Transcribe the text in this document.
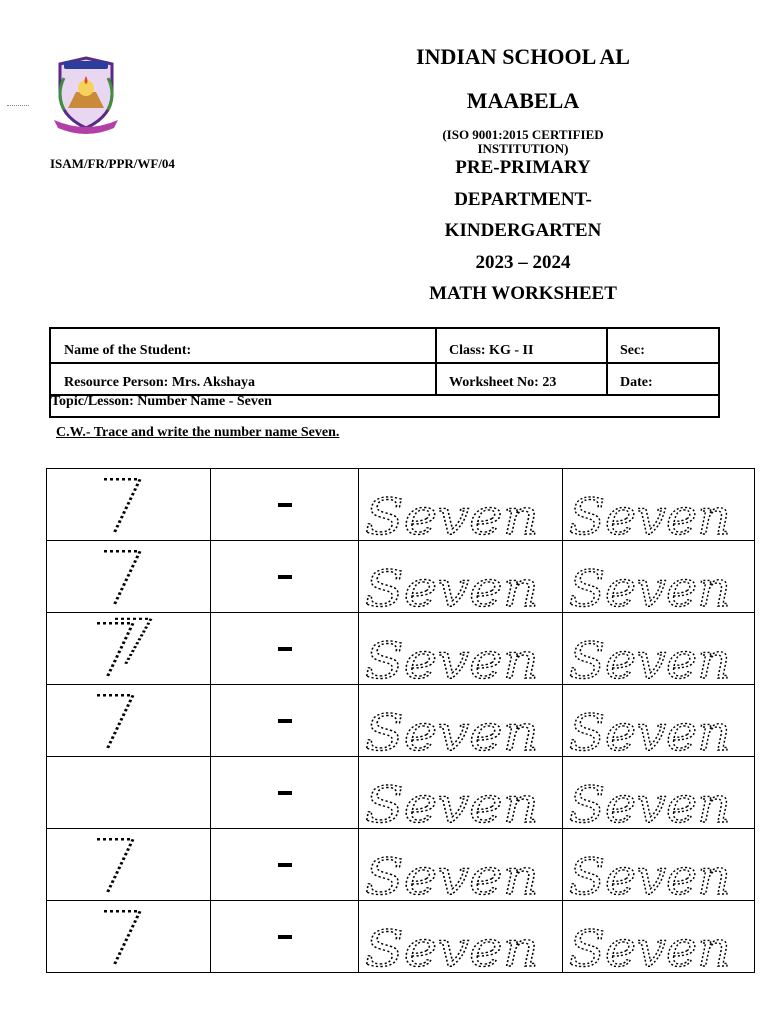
ISAM/FR/PPR/WF/04
INDIAN SCHOOL AL
MAABELA
(ISO 9001:2015 CERTIFIED INSTITUTION)
PRE-PRIMARY
DEPARTMENT-
KINDERGARTEN
2023 – 2024
MATH WORKSHEET
Name of the Student:	Class: KG - II	Sec:
Resource Person: Mrs. Akshaya	Worksheet No: 23	Date:
Topic/Lesson: Number Name - Seven
C.W.- Trace and write the number name Seven.

Seven	Seven

Seven	Seven

Seven	Seven

Seven	Seven

Seven	Seven

Seven	Seven

Seven	Seven
